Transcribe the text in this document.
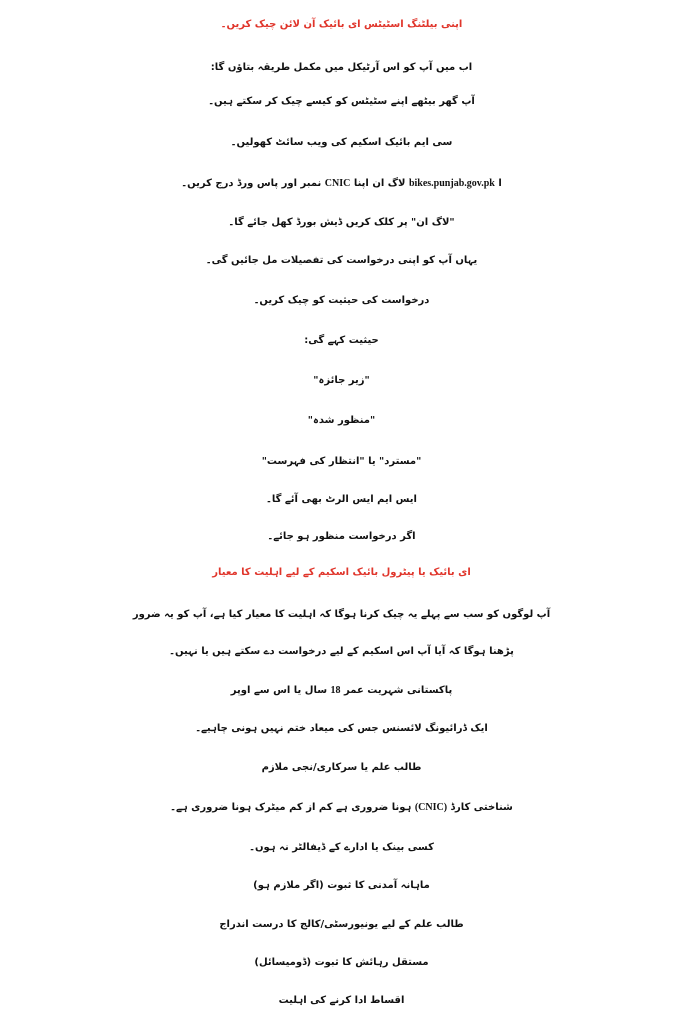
اپنی بیلٹنگ اسٹیٹس ای بائیک آن لائن چیک کریں۔
اب میں آپ کو اس آرٹیکل میں مکمل طریقہ بتاؤں گا:
آپ گھر بیٹھے اپنے سٹیٹس کو کیسے چیک کر سکتے ہیں۔
سی ایم بائیک اسکیم کی ویب سائٹ کھولیں۔
ا bikes.punjab.gov.pk لاگ ان اپنا CNIC نمبر اور پاس ورڈ درج کریں۔
"لاگ ان" پر کلک کریں ڈیش بورڈ کھل جائے گا۔
یہاں آپ کو اپنی درخواست کی تفصیلات مل جائیں گی۔
درخواست کی حیثیت کو چیک کریں۔
حیثیت کہے گی:
"زیر جائزہ"
"منظور شدہ"
"مسترد" یا "انتظار کی فہرست"
ایس ایم ایس الرٹ بھی آئے گا۔
اگر درخواست منظور ہو جائے۔
ای بائیک یا پیٹرول بائیک اسکیم کے لیے اہلیت کا معیار
آپ لوگوں کو سب سے پہلے یہ چیک کرنا ہوگا کہ اہلیت کا معیار کیا ہے، آپ کو یہ ضرور
پڑھنا ہوگا کہ آیا آپ اس اسکیم کے لیے درخواست دے سکتے ہیں یا نہیں۔
پاکستانی شہریت عمر 18 سال یا اس سے اوپر
ایک ڈرائیونگ لائسنس جس کی میعاد ختم نہیں ہونی چاہیے۔
طالب علم یا سرکاری/نجی ملازم
شناختی کارڈ (CNIC) ہونا ضروری ہے کم از کم میٹرک ہونا ضروری ہے۔
کسی بینک یا ادارے کے ڈیفالٹر نہ ہوں۔
ماہانہ آمدنی کا ثبوت (اگر ملازم ہو)
طالب علم کے لیے یونیورسٹی/کالج کا درست اندراج
مستقل رہائش کا ثبوت (ڈومیسائل)
اقساط ادا کرنے کی اہلیت
